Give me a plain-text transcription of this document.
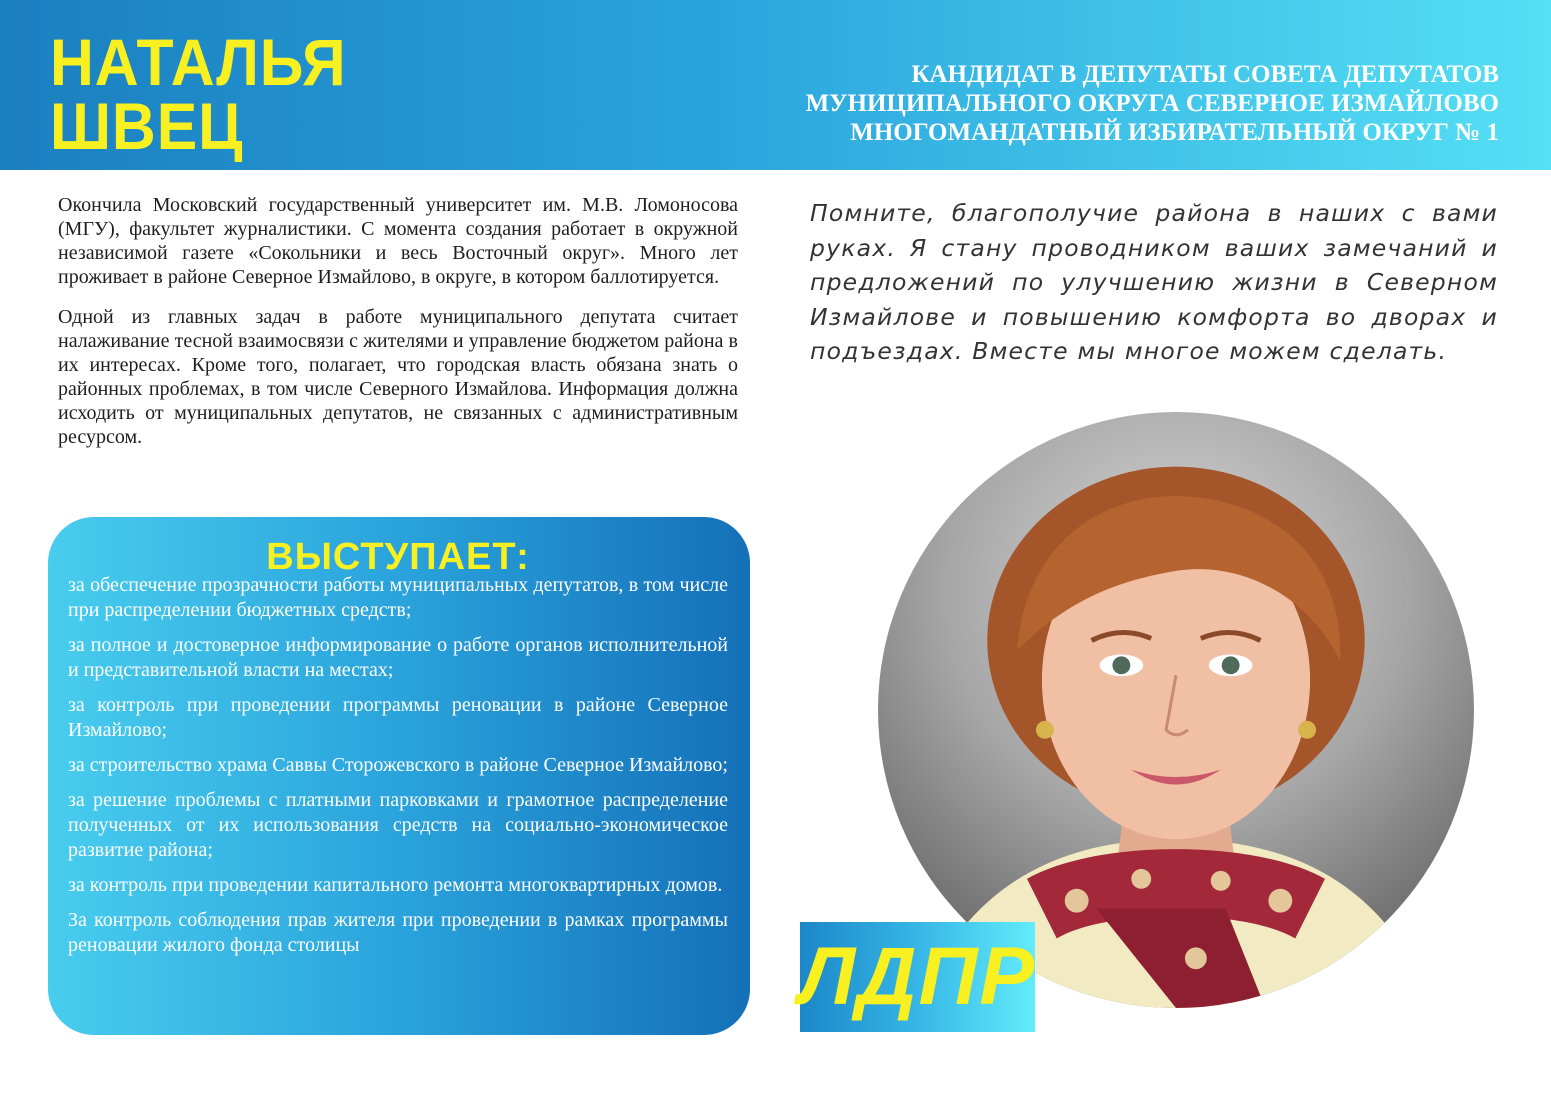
НАТАЛЬЯ
ШВЕЦ
КАНДИДАТ В ДЕПУТАТЫ СОВЕТА ДЕПУТАТОВ
МУНИЦИПАЛЬНОГО ОКРУГА СЕВЕРНОЕ ИЗМАЙЛОВО
МНОГОМАНДАТНЫЙ ИЗБИРАТЕЛЬНЫЙ ОКРУГ № 1

Окончила Московский государственный университет им. М.В. Ломоносова (МГУ), факультет журналистики. С момента создания работает в окружной независимой газете «Сокольники и весь Восточный округ». Много лет проживает в районе Северное Измайлово, в округе, в котором баллотируется.

Одной из главных задач в работе муниципального депутата считает налаживание тесной взаимосвязи с жителями и управление бюджетом района в их интересах. Кроме того, полагает, что городская власть обязана знать о районных проблемах, в том числе Северного Измайлова. Информация должна исходить от муниципальных депутатов, не связанных с административным ресурсом.

ВЫСТУПАЕТ:
за обеспечение прозрачности работы муниципальных депутатов, в том числе при распределении бюджетных средств;
за полное и достоверное информирование о работе органов исполнительной и представительной власти на местах;
за контроль при проведении программы реновации в районе Северное Измайлово;
за строительство храма Саввы Сторожевского в районе Северное Измайлово;
за решение проблемы с платными парковками и грамотное распределение полученных от их использования средств на социально-экономическое развитие района;
за контроль при проведении капитального ремонта многоквартирных домов.
За контроль соблюдения прав жителя при проведении в рамках программы реновации жилого фонда столицы
Помните, благополучие района в наших с вами руках. Я стану проводником ваших замечаний и предложений по улучшению жизни в Северном Измайлове и повышению комфорта во дворах и подъездах. Вместе мы многое можем сделать.
ЛДПР
